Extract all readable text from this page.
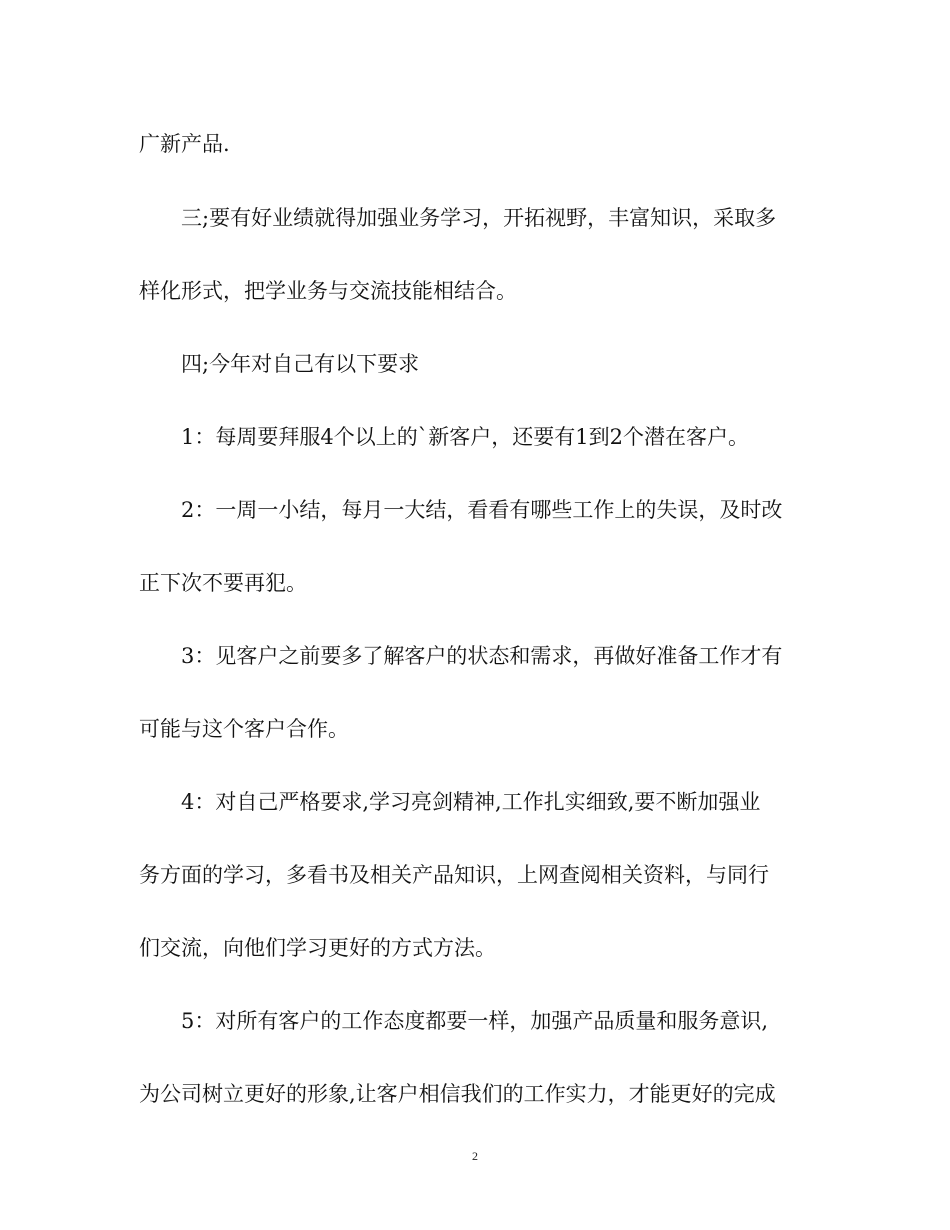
广新产品.
三;要有好业绩就得加强业务学习，开拓视野，丰富知识，采取多
样化形式，把学业务与交流技能相结合。
四;今年对自己有以下要求
1：每周要拜服4个以上的`新客户，还要有1到2个潜在客户。
2：一周一小结，每月一大结，看看有哪些工作上的失误，及时改
正下次不要再犯。
3：见客户之前要多了解客户的状态和需求，再做好准备工作才有
可能与这个客户合作。
4：对自己严格要求,学习亮剑精神,工作扎实细致,要不断加强业
务方面的学习，多看书及相关产品知识，上网查阅相关资料，与同行
们交流，向他们学习更好的方式方法。
5：对所有客户的工作态度都要一样，加强产品质量和服务意识,
为公司树立更好的形象,让客户相信我们的工作实力，才能更好的完成
2
